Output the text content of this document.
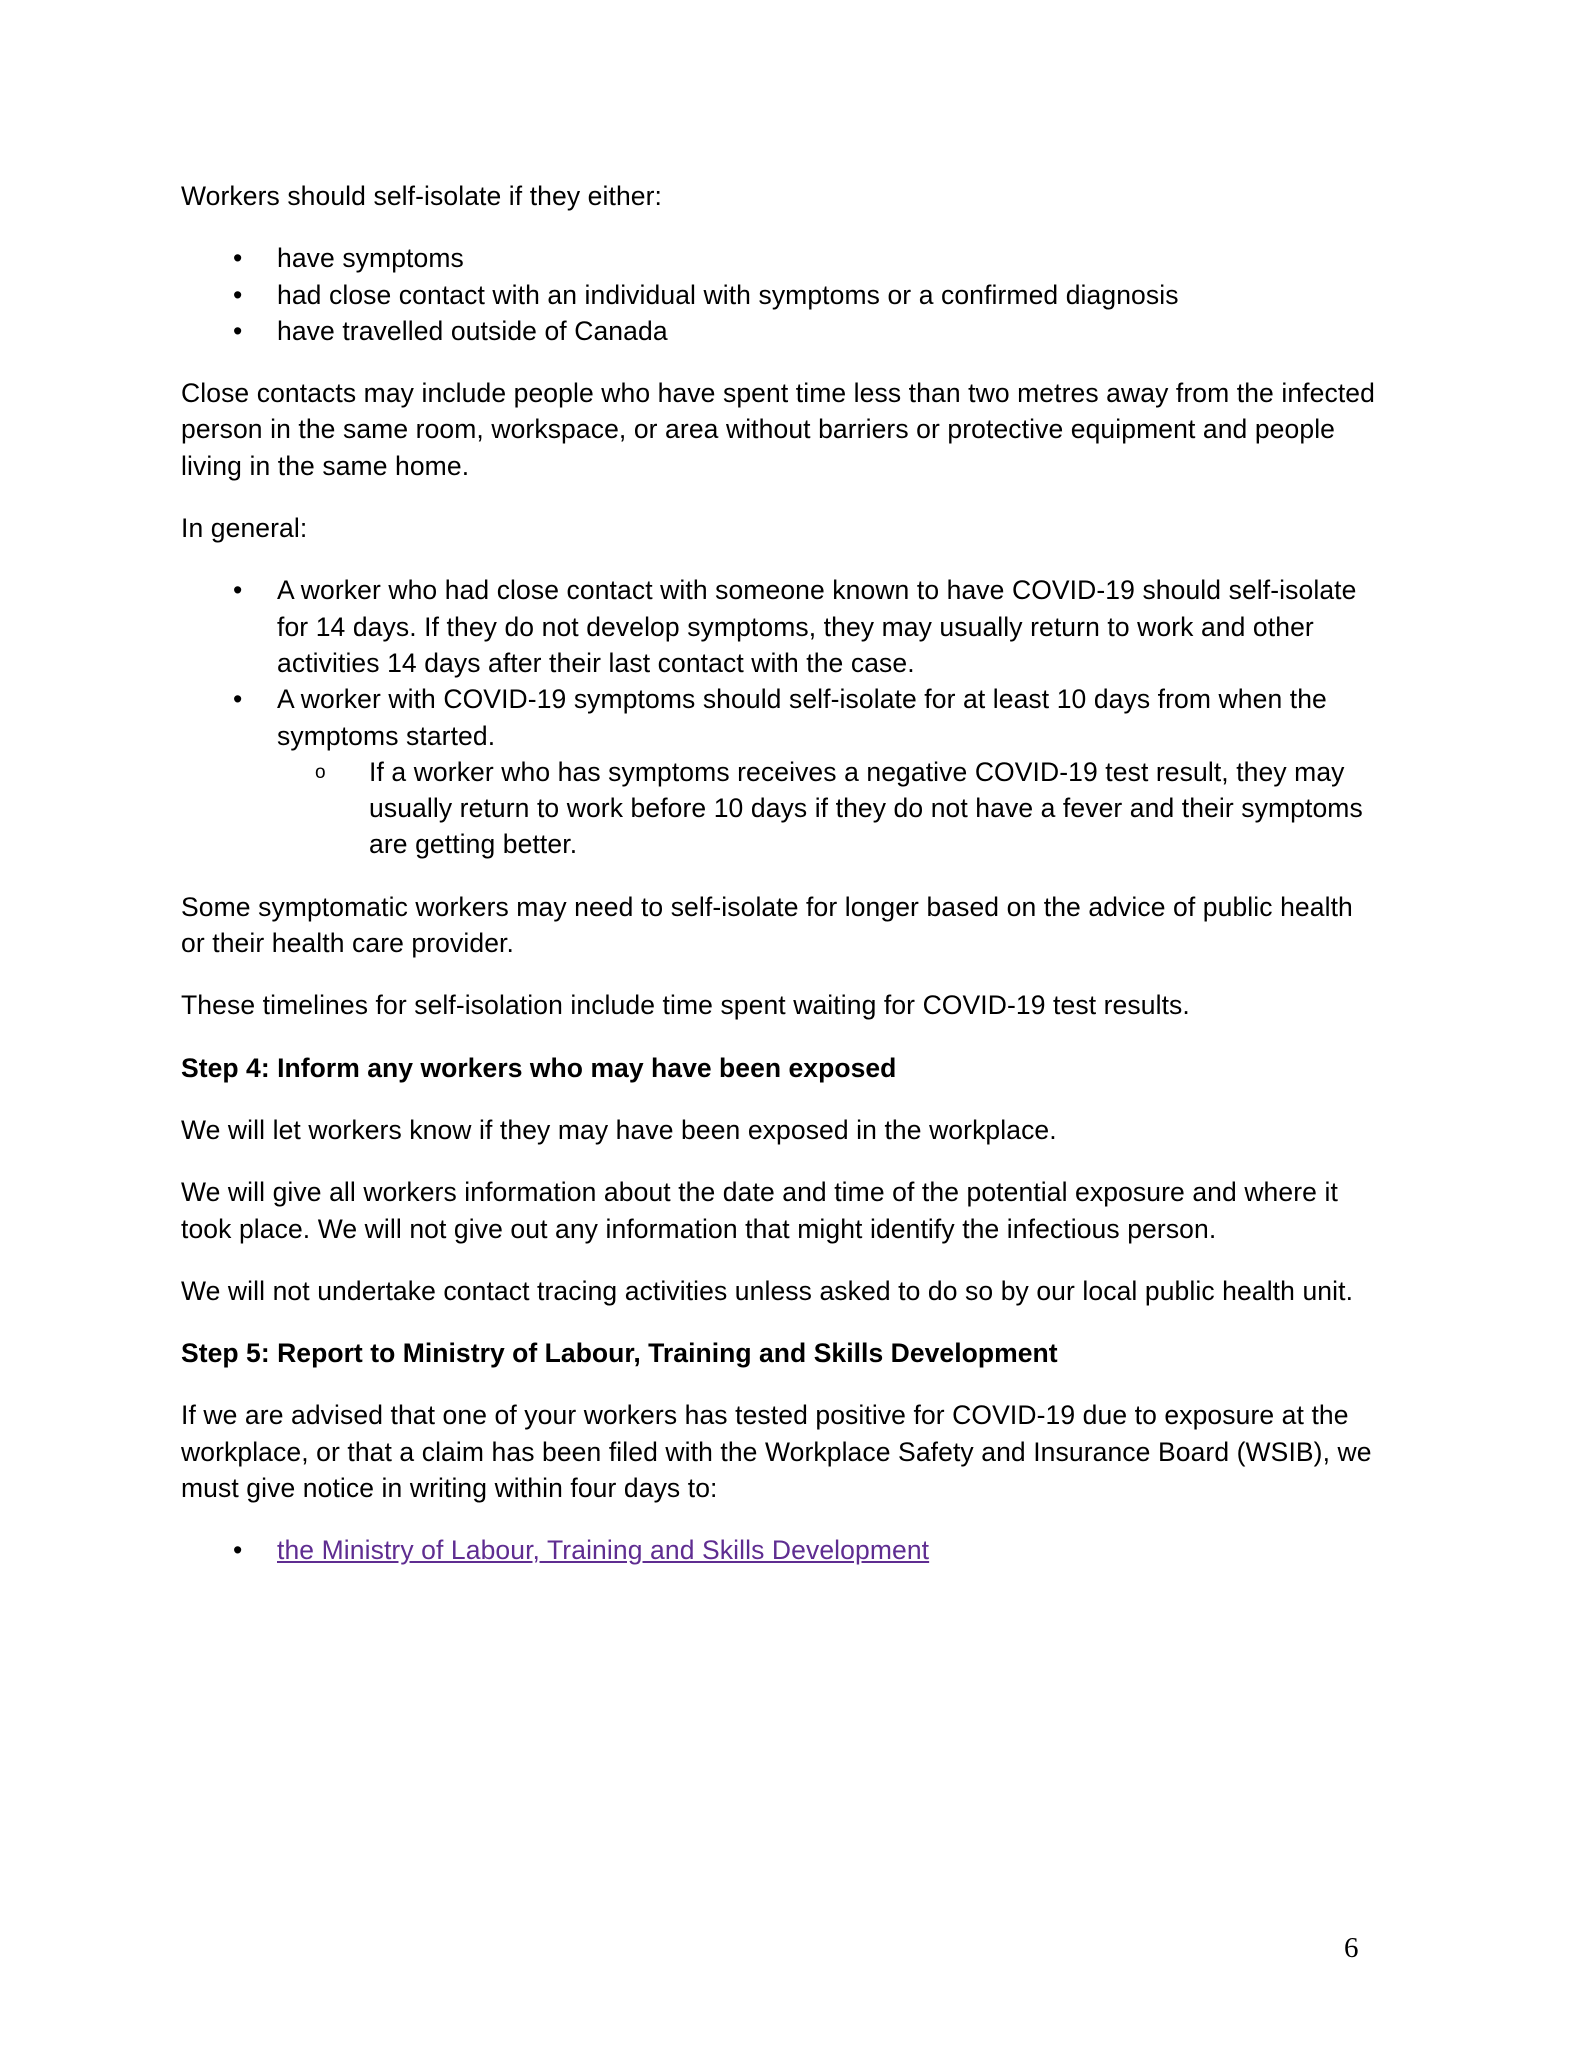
Workers should self-isolate if they either:

• have symptoms
• had close contact with an individual with symptoms or a confirmed diagnosis
• have travelled outside of Canada

Close contacts may include people who have spent time less than two metres away from the infected person in the same room, workspace, or area without barriers or protective equipment and people living in the same home.

In general:

• A worker who had close contact with someone known to have COVID-19 should self-isolate for 14 days. If they do not develop symptoms, they may usually return to work and other activities 14 days after their last contact with the case.
• A worker with COVID-19 symptoms should self-isolate for at least 10 days from when the symptoms started.
o If a worker who has symptoms receives a negative COVID-19 test result, they may usually return to work before 10 days if they do not have a fever and their symptoms are getting better.

Some symptomatic workers may need to self-isolate for longer based on the advice of public health or their health care provider.

These timelines for self-isolation include time spent waiting for COVID-19 test results.

Step 4: Inform any workers who may have been exposed

We will let workers know if they may have been exposed in the workplace.

We will give all workers information about the date and time of the potential exposure and where it took place. We will not give out any information that might identify the infectious person.

We will not undertake contact tracing activities unless asked to do so by our local public health unit.

Step 5: Report to Ministry of Labour, Training and Skills Development

If we are advised that one of your workers has tested positive for COVID-19 due to exposure at the workplace, or that a claim has been filed with the Workplace Safety and Insurance Board (WSIB), we must give notice in writing within four days to:

• the Ministry of Labour, Training and Skills Development
6
